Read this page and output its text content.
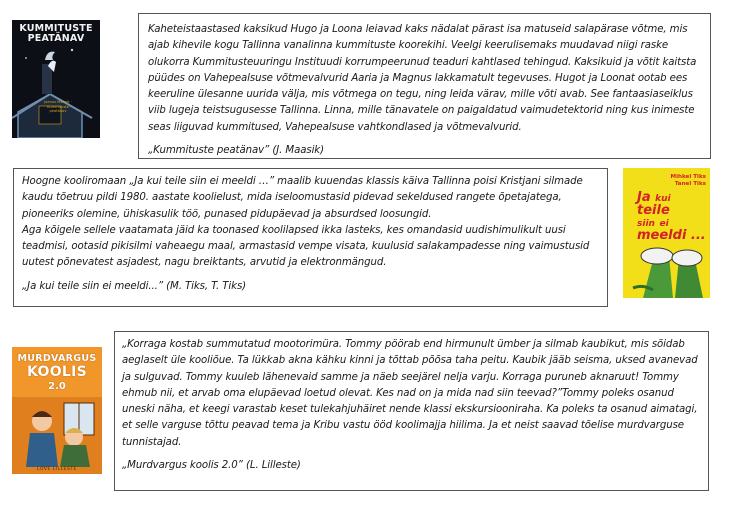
KUMMITUSTE PEATÄNAV
Jaanus Maasik · Kummituste peatänav

Kaheteistaastased kaksikud Hugo ja Loona leiavad kaks nädalat pärast isa matuseid salapärase võtme, mis ajab kihevile kogu Tallinna vanalinna kummituste koorekihi. Veelgi keerulisemaks muudavad niigi raske olukorra Kummitusteuuringu Instituudi korrumpeerunud teaduri kahtlased tehingud. Kaksikuid ja võtit kaitsta püüdes on Vahepealsuse võtmevalvurid Aaria ja Magnus lakkamatult tegevuses. Hugot ja Loonat ootab ees keeruline ülesanne uurida välja, mis võtmega on tegu, ning leida värav, mille võti avab. See fantaasiaseiklus viib lugeja teistsugusesse Tallinna. Linna, mille tänavatele on paigaldatud vaimudetektorid ning kus inimeste seas liiguvad kummitused, Vahepealsuse vahtkondlased ja võtmevalvurid.

„Kummituste peatänav” (J. Maasik)

Hoogne kooliromaan „Ja kui teile siin ei meeldi …” maalib kuuendas klassis käiva Tallinna poisi Kristjani silmade kaudu tõetruu pildi 1980. aastate koolielust, mida iseloomustasid pidevad sekeldused rangete õpetajatega, pioneeriks olemine, ühiskasulik töö, punased pidupäevad ja absurdsed loosungid.

Aga kõigele sellele vaatamata jäid ka toonased koolilapsed ikka lasteks, kes omandasid uudishimulikult uusi teadmisi, ootasid pikisilmi vaheaegu maal, armastasid vempe visata, kuulusid salakampadesse ning vaimustusid uutest põnevatest asjadest, nagu breiktants, arvutid ja elektronmängud.

„Ja kui teile siin ei meeldi...” (M. Tiks, T. Tiks)

Mihkel Tiks
Tanel Tiks
Ja kui
teile
siin ei
meeldi ...
MURDVARGUS
KOOLIS
2.0
LOVE LILLESTE

„Korraga kostab summutatud mootorimüra. Tommy pöörab end hirmunult ümber ja silmab kaubikut, mis sõidab aeglaselt üle kooliõue. Ta lükkab akna kähku kinni ja tõttab põõsa taha peitu. Kaubik jääb seisma, uksed avanevad ja sulguvad. Tommy kuuleb lähenevaid samme ja näeb seejärel nelja varju. Korraga puruneb aknaruut! Tommy ehmub nii, et arvab oma elupäevad loetud olevat. Kes nad on ja mida nad siin teevad?”Tommy poleks osanud uneski näha, et keegi varastab keset tulekahjuhäiret nende klassi ekskursiooniraha. Ka poleks ta osanud aimatagi, et selle varguse tõttu peavad tema ja Kribu vastu ööd koolimajja hiilima. Ja et neist saavad tõelise murdvarguse tunnistajad.

„Murdvargus koolis 2.0” (L. Lilleste)
